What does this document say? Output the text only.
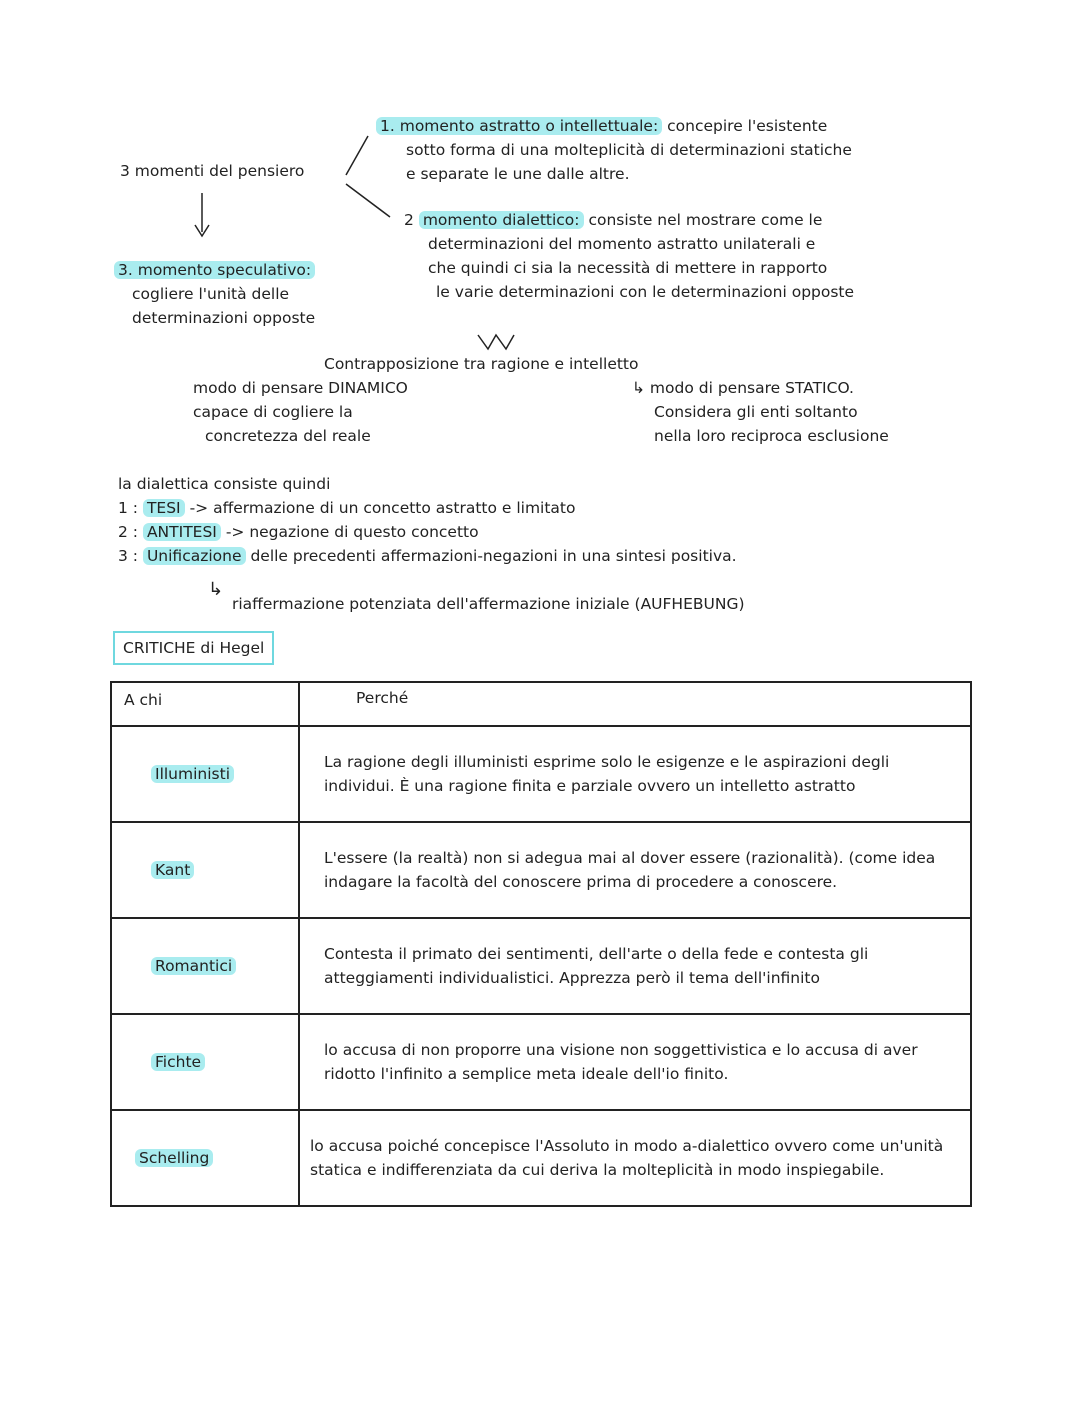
3 momenti del pensiero
1. momento astratto o intellettuale: concepire l'esistente
sotto forma di una molteplicità di determinazioni statiche
e separate le une dalle altre.
2 momento dialettico: consiste nel mostrare come le
determinazioni del momento astratto unilaterali e
che quindi ci sia la necessità di mettere in rapporto
le varie determinazioni con le determinazioni opposte
3. momento speculativo:
cogliere l'unità delle
determinazioni opposte
Contrapposizione tra ragione e intelletto
modo di pensare DINAMICO
capace di cogliere la
concretezza del reale
↳ modo di pensare STATICO.
Considera gli enti soltanto
nella loro reciproca esclusione
la dialettica consiste quindi
1 : TESI -> affermazione di un concetto astratto e limitato
2 : ANTITESI -> negazione di questo concetto
3 : Unificazione delle precedenti affermazioni-negazioni in una sintesi positiva.
↳
riaffermazione potenziata dell'affermazione iniziale (AUFHEBUNG)
CRITICHE di Hegel
A chi	Perché
Illuministi	La ragione degli illuministi esprime solo le esigenze e le aspirazioni degli individui. È una ragione finita e parziale ovvero un intelletto astratto
Kant	L'essere (la realtà) non si adegua mai al dover essere (razionalità). (come idea indagare la facoltà del conoscere prima di procedere a conoscere.
Romantici	Contesta il primato dei sentimenti, dell'arte o della fede e contesta gli atteggiamenti individualistici. Apprezza però il tema dell'infinito
Fichte	lo accusa di non proporre una visione non soggettivistica e lo accusa di aver ridotto l'infinito a semplice meta ideale dell'io finito.
Schelling	lo accusa poiché concepisce l'Assoluto in modo a-dialettico ovvero come un'unità statica e indifferenziata da cui deriva la molteplicità in modo inspiegabile.
